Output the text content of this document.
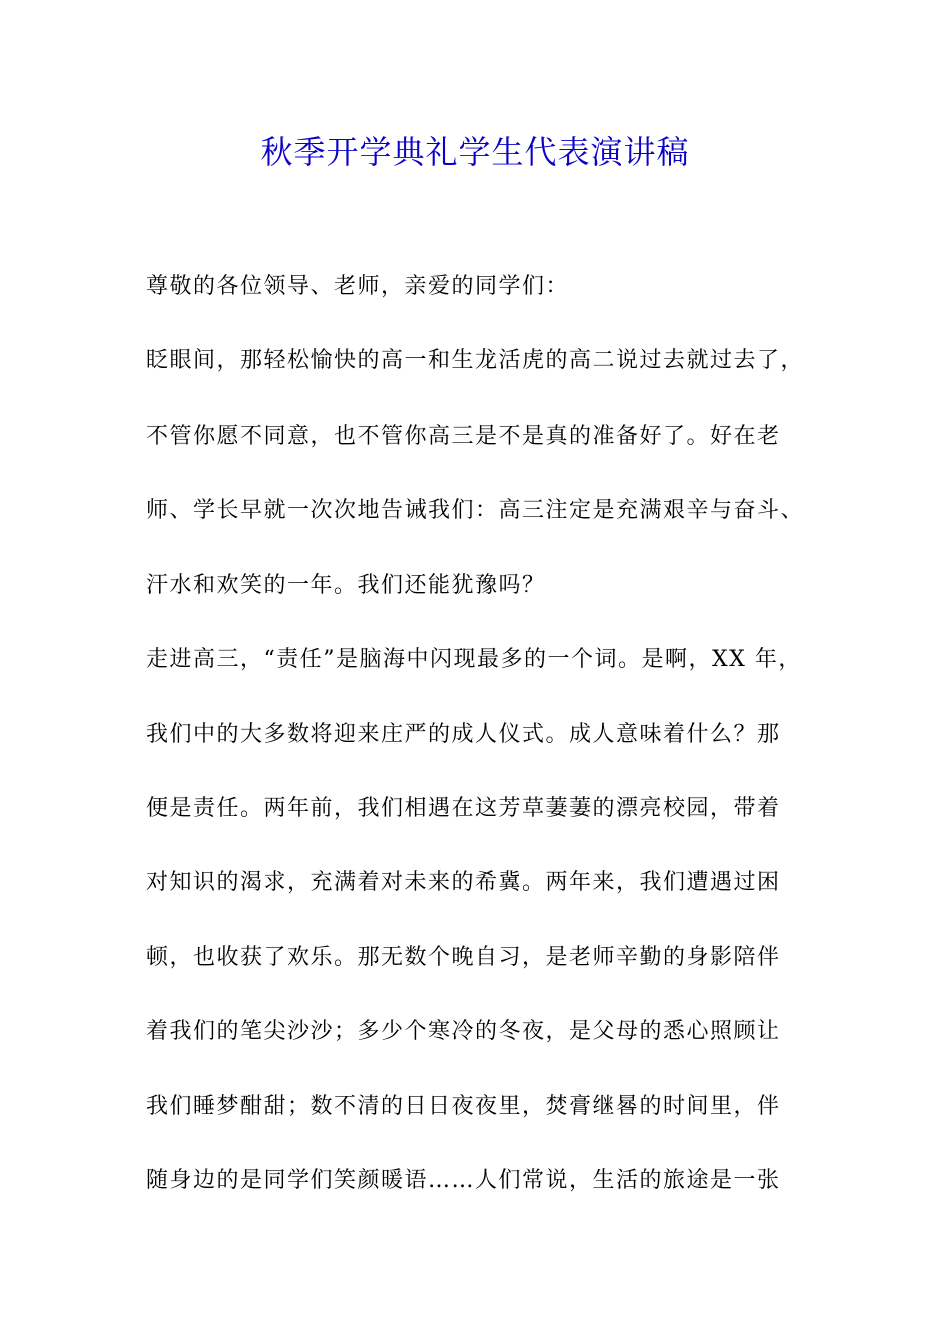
秋季开学典礼学生代表演讲稿

尊敬的各位领导、老师，亲爱的同学们：

眨眼间，那轻松愉快的高一和生龙活虎的高二说过去就过去了，

不管你愿不同意，也不管你高三是不是真的准备好了。好在老

师、学长早就一次次地告诫我们：高三注定是充满艰辛与奋斗、

汗水和欢笑的一年。我们还能犹豫吗？

走进高三，“责任”是脑海中闪现最多的一个词。是啊，XX 年，

我们中的大多数将迎来庄严的成人仪式。成人意味着什么？那

便是责任。两年前，我们相遇在这芳草萋萋的漂亮校园，带着

对知识的渴求，充满着对未来的希冀。两年来，我们遭遇过困

顿，也收获了欢乐。那无数个晚自习，是老师辛勤的身影陪伴

着我们的笔尖沙沙；多少个寒冷的冬夜，是父母的悉心照顾让

我们睡梦酣甜；数不清的日日夜夜里，焚膏继晷的时间里，伴

随身边的是同学们笑颜暖语……人们常说，生活的旅途是一张
